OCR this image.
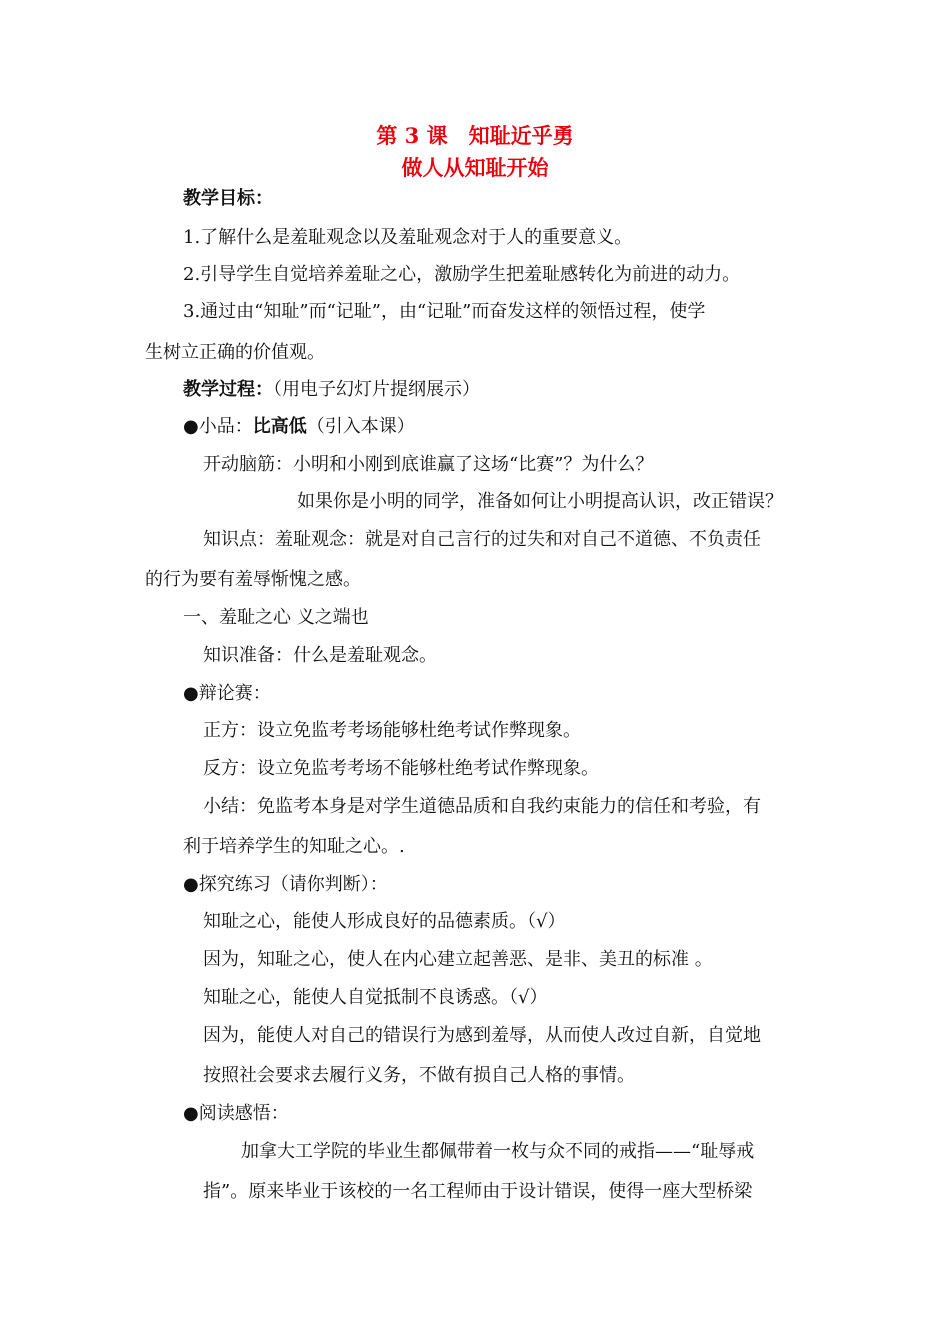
第 3 课　知耻近乎勇
做人从知耻开始
教学目标：
1.了解什么是羞耻观念以及羞耻观念对于人的重要意义。
2.引导学生自觉培养羞耻之心，激励学生把羞耻感转化为前进的动力。
3.通过由“知耻”而“记耻”，由“记耻”而奋发这样的领悟过程，使学
生树立正确的价值观。
教学过程：（用电子幻灯片提纲展示）
●小品：比高低（引入本课）
开动脑筋：小明和小刚到底谁赢了这场“比赛”？为什么？
如果你是小明的同学，准备如何让小明提高认识，改正错误？
知识点：羞耻观念：就是对自己言行的过失和对自己不道德、不负责任
的行为要有羞辱惭愧之感。
一、羞耻之心 义之端也
知识准备：什么是羞耻观念。
●辩论赛：
正方：设立免监考考场能够杜绝考试作弊现象。
反方：设立免监考考场不能够杜绝考试作弊现象。
小结：免监考本身是对学生道德品质和自我约束能力的信任和考验，有
利于培养学生的知耻之心。.
●探究练习（请你判断）：
知耻之心，能使人形成良好的品德素质。（√）
因为，知耻之心，使人在内心建立起善恶、是非、美丑的标准 。
知耻之心，能使人自觉抵制不良诱惑。（√）
因为，能使人对自己的错误行为感到羞辱，从而使人改过自新，自觉地
按照社会要求去履行义务，不做有损自己人格的事情。
●阅读感悟：
加拿大工学院的毕业生都佩带着一枚与众不同的戒指——“耻辱戒
指”。原来毕业于该校的一名工程师由于设计错误，使得一座大型桥梁
